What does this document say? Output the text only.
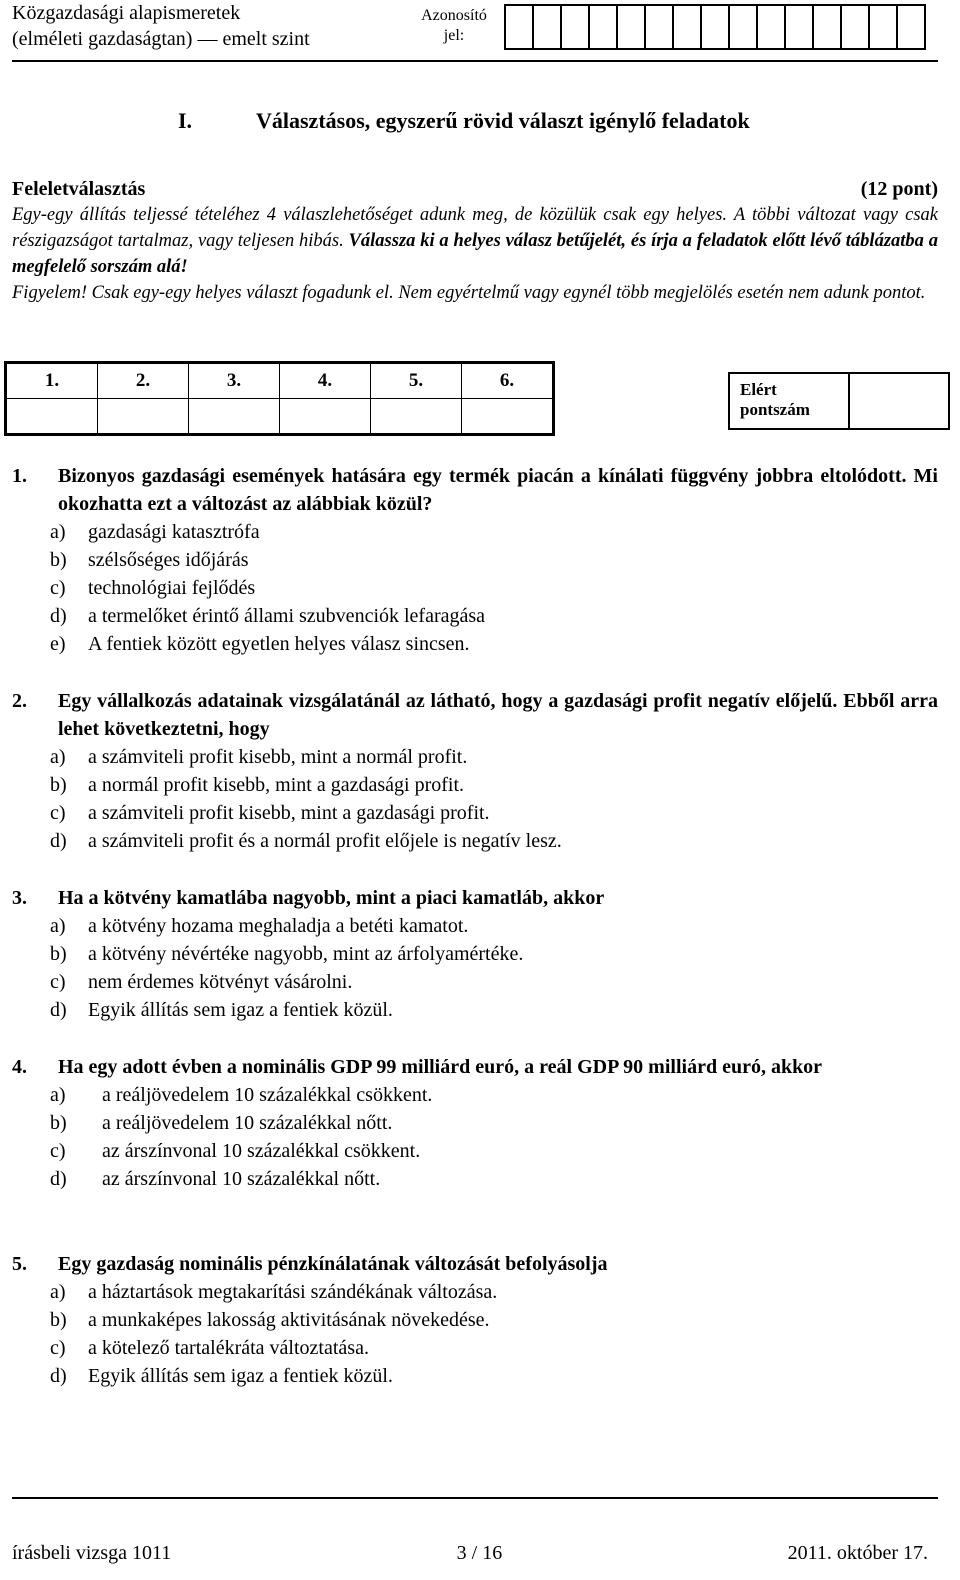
Közgazdasági alapismeretek
(elméleti gazdaságtan) — emelt szint
Azonosító
jel:
I.	Választásos, egyszerű rövid választ igénylő feladatok
Feleletválasztás	(12 pont)

Egy-egy állítás teljessé tételéhez 4 válaszlehetőséget adunk meg, de közülük csak egy helyes. A többi változat vagy csak részigazságot tartalmaz, vagy teljesen hibás. Válassza ki a helyes válasz betűjelét, és írja a feladatok előtt lévő táblázatba a megfelelő sorszám alá!

Figyelem! Csak egy-egy helyes választ fogadunk el. Nem egyértelmű vagy egynél több megjelölés esetén nem adunk pontot.

1.	2.	3.	4.	5.	6.
						Elért pontszám
1.	Bizonyos gazdasági események hatására egy termék piacán a kínálati függvény jobbra eltolódott. Mi okozhatta ezt a változást az alábbiak közül?
a)	gazdasági katasztrófa
b)	szélsőséges időjárás
c)	technológiai fejlődés
d)	a termelőket érintő állami szubvenciók lefaragása
e)	A fentiek között egyetlen helyes válasz sincsen.
2.	Egy vállalkozás adatainak vizsgálatánál az látható, hogy a gazdasági profit negatív előjelű. Ebből arra lehet következtetni, hogy
a)	a számviteli profit kisebb, mint a normál profit.
b)	a normál profit kisebb, mint a gazdasági profit.
c)	a számviteli profit kisebb, mint a gazdasági profit.
d)	a számviteli profit és a normál profit előjele is negatív lesz.
3.	Ha a kötvény kamatlába nagyobb, mint a piaci kamatláb, akkor
a)	a kötvény hozama meghaladja a betéti kamatot.
b)	a kötvény névértéke nagyobb, mint az árfolyamértéke.
c)	nem érdemes kötvényt vásárolni.
d)	Egyik állítás sem igaz a fentiek közül.
4.	Ha egy adott évben a nominális GDP 99 milliárd euró, a reál GDP 90 milliárd euró, akkor
a)	a reáljövedelem 10 százalékkal csökkent.
b)	a reáljövedelem 10 százalékkal nőtt.
c)	az árszínvonal 10 százalékkal csökkent.
d)	az árszínvonal 10 százalékkal nőtt.
5.	Egy gazdaság nominális pénzkínálatának változását befolyásolja
a)	a háztartások megtakarítási szándékának változása.
b)	a munkaképes lakosság aktivitásának növekedése.
c)	a kötelező tartalékráta változtatása.
d)	Egyik állítás sem igaz a fentiek közül.
írásbeli vizsga 1011	3 / 16	2011. október 17.
